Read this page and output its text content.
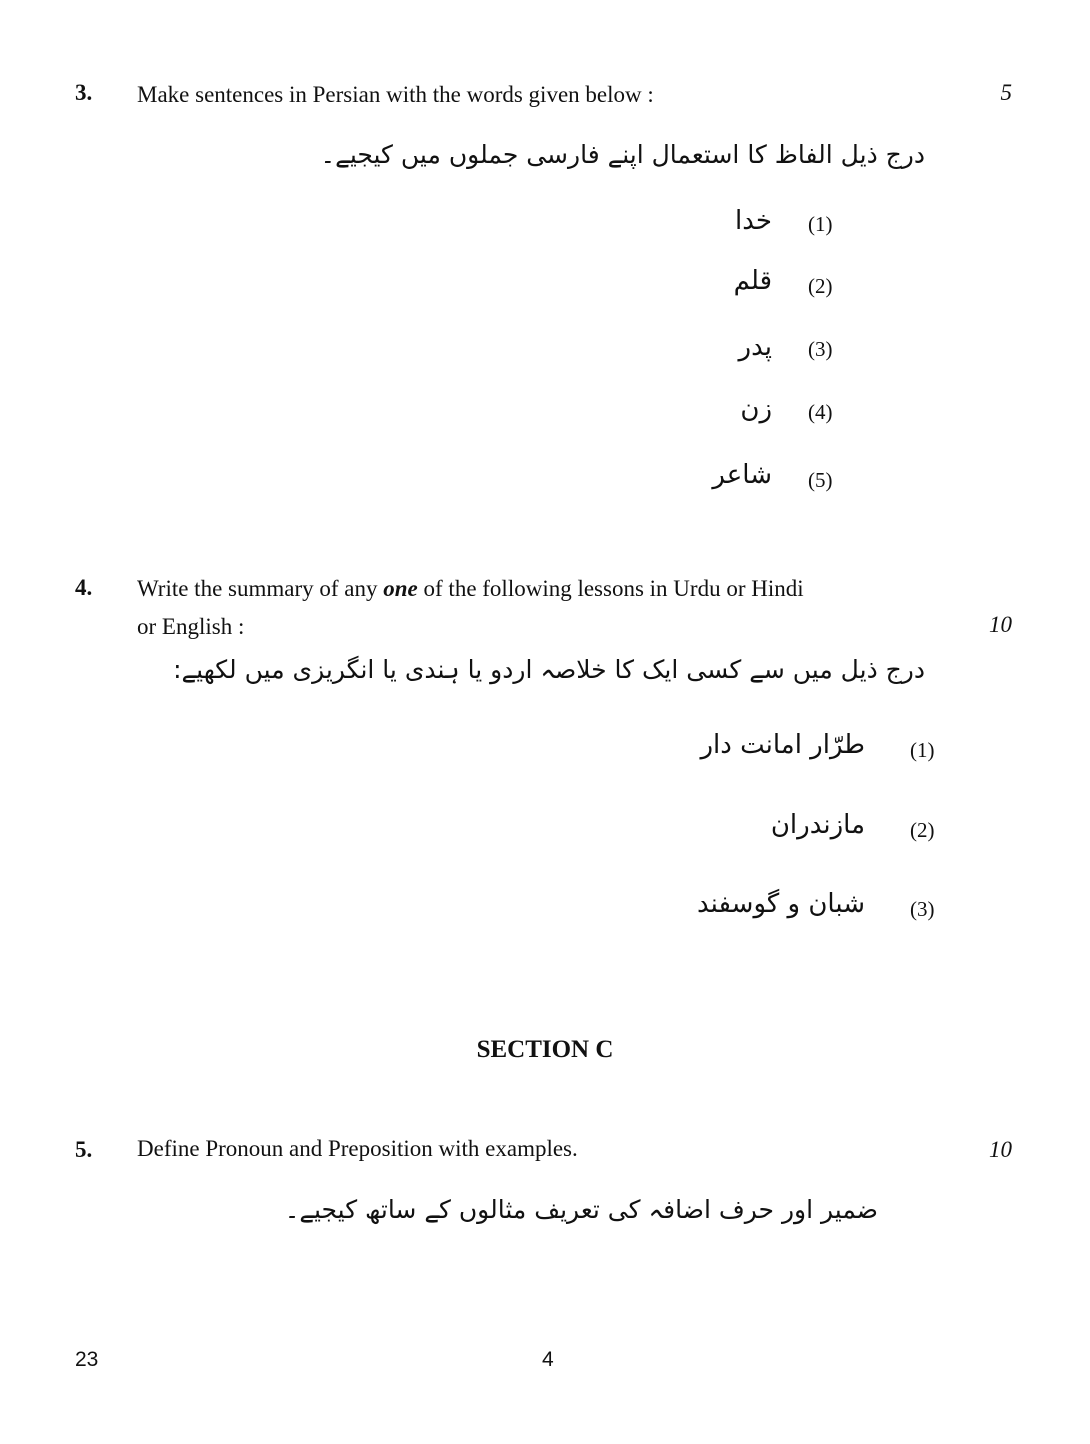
3. Make sentences in Persian with the words given below :	5
درج ذیل الفاظ کا استعمال اپنے فارسی جملوں میں کیجیے۔
(1)
خدا
(2)
قلم
(3)
پدر
(4)
زن
(5)
شاعر
4. Write the summary of any one of the following lessons in Urdu or Hindi
or English :	10
درج ذیل میں سے کسی ایک کا خلاصہ اردو یا ہندی یا انگریزی میں لکھیے:
(1)
طرّار امانت دار
(2)
مازندران
(3)
شبان و گوسفند
SECTION C
5. Define Pronoun and Preposition with examples.	10
ضمیر اور حرف اضافہ کی تعریف مثالوں کے ساتھ کیجیے۔
23	4
